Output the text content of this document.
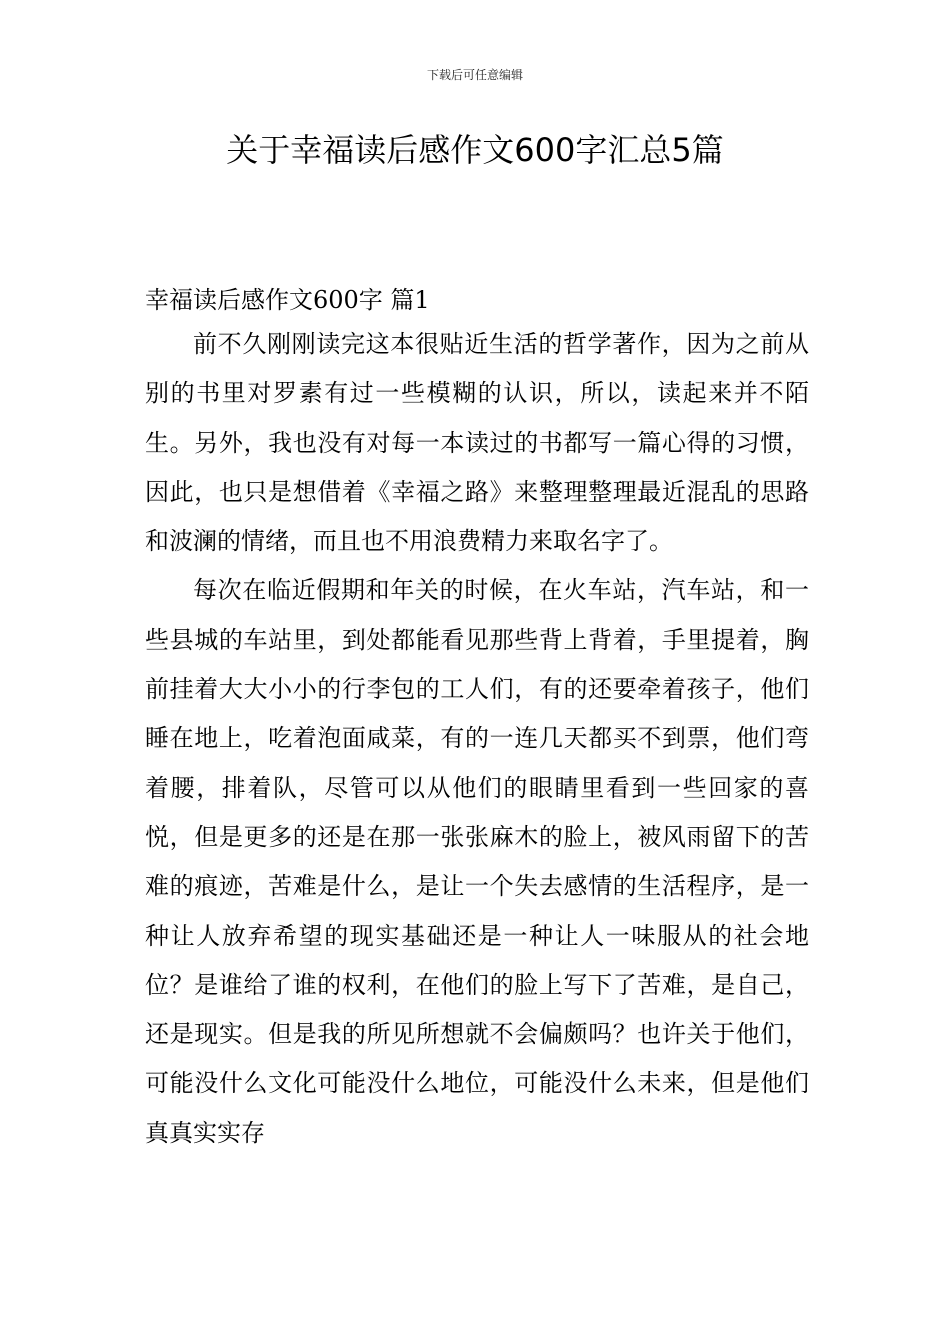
下载后可任意编辑
关于幸福读后感作文600字汇总5篇
幸福读后感作文600字 篇1

前不久刚刚读完这本很贴近生活的哲学著作，因为之前从别的书里对罗素有过一些模糊的认识，所以，读起来并不陌生。另外，我也没有对每一本读过的书都写一篇心得的习惯，因此，也只是想借着《幸福之路》来整理整理最近混乱的思路和波澜的情绪，而且也不用浪费精力来取名字了。

每次在临近假期和年关的时候，在火车站，汽车站，和一些县城的车站里，到处都能看见那些背上背着，手里提着，胸前挂着大大小小的行李包的工人们，有的还要牵着孩子，他们睡在地上，吃着泡面咸菜，有的一连几天都买不到票，他们弯着腰，排着队，尽管可以从他们的眼睛里看到一些回家的喜悦，但是更多的还是在那一张张麻木的脸上，被风雨留下的苦难的痕迹，苦难是什么，是让一个失去感情的生活程序，是一种让人放弃希望的现实基础还是一种让人一味服从的社会地位？是谁给了谁的权利，在他们的脸上写下了苦难，是自己，还是现实。但是我的所见所想就不会偏颇吗？也许关于他们，可能没什么文化可能没什么地位，可能没什么未来，但是他们真真实实存
